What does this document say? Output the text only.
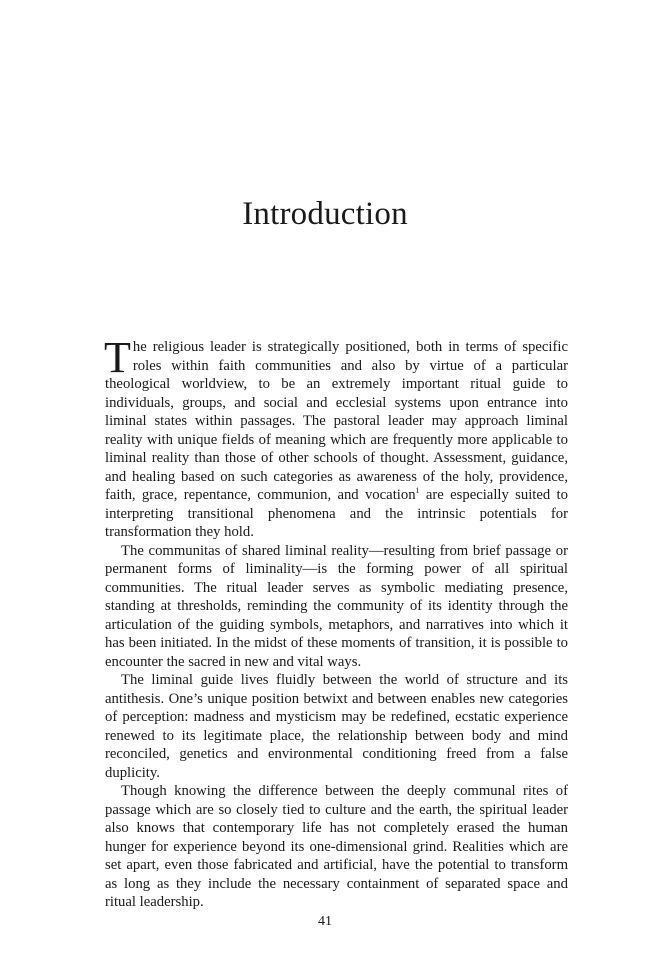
Introduction

The religious leader is strategically positioned, both in terms of specific roles within faith communities and also by virtue of a particular theological worldview, to be an extremely important ritual guide to individuals, groups, and social and ecclesial systems upon entrance into liminal states within passages. The pastoral leader may approach liminal reality with unique fields of meaning which are frequently more applicable to liminal reality than those of other schools of thought. Assessment, guidance, and healing based on such categories as awareness of the holy, providence, faith, grace, repentance, communion, and vocation$^1$ are especially suited to interpreting transitional phenomena and the intrinsic potentials for transformation they hold.

The communitas of shared liminal reality—resulting from brief passage or permanent forms of liminality—is the forming power of all spiritual communities. The ritual leader serves as symbolic mediating presence, standing at thresholds, reminding the community of its identity through the articulation of the guiding symbols, metaphors, and narratives into which it has been initiated. In the midst of these moments of transition, it is possible to encounter the sacred in new and vital ways.

The liminal guide lives fluidly between the world of structure and its antithesis. One’s unique position betwixt and between enables new categories of perception: madness and mysticism may be redefined, ecstatic experience renewed to its legitimate place, the relationship between body and mind reconciled, genetics and environmental conditioning freed from a false duplicity.

Though knowing the difference between the deeply communal rites of passage which are so closely tied to culture and the earth, the spiritual leader also knows that contemporary life has not completely erased the human hunger for experience beyond its one-dimensional grind. Realities which are set apart, even those fabricated and artificial, have the potential to transform as long as they include the necessary containment of separated space and ritual leadership.

41
